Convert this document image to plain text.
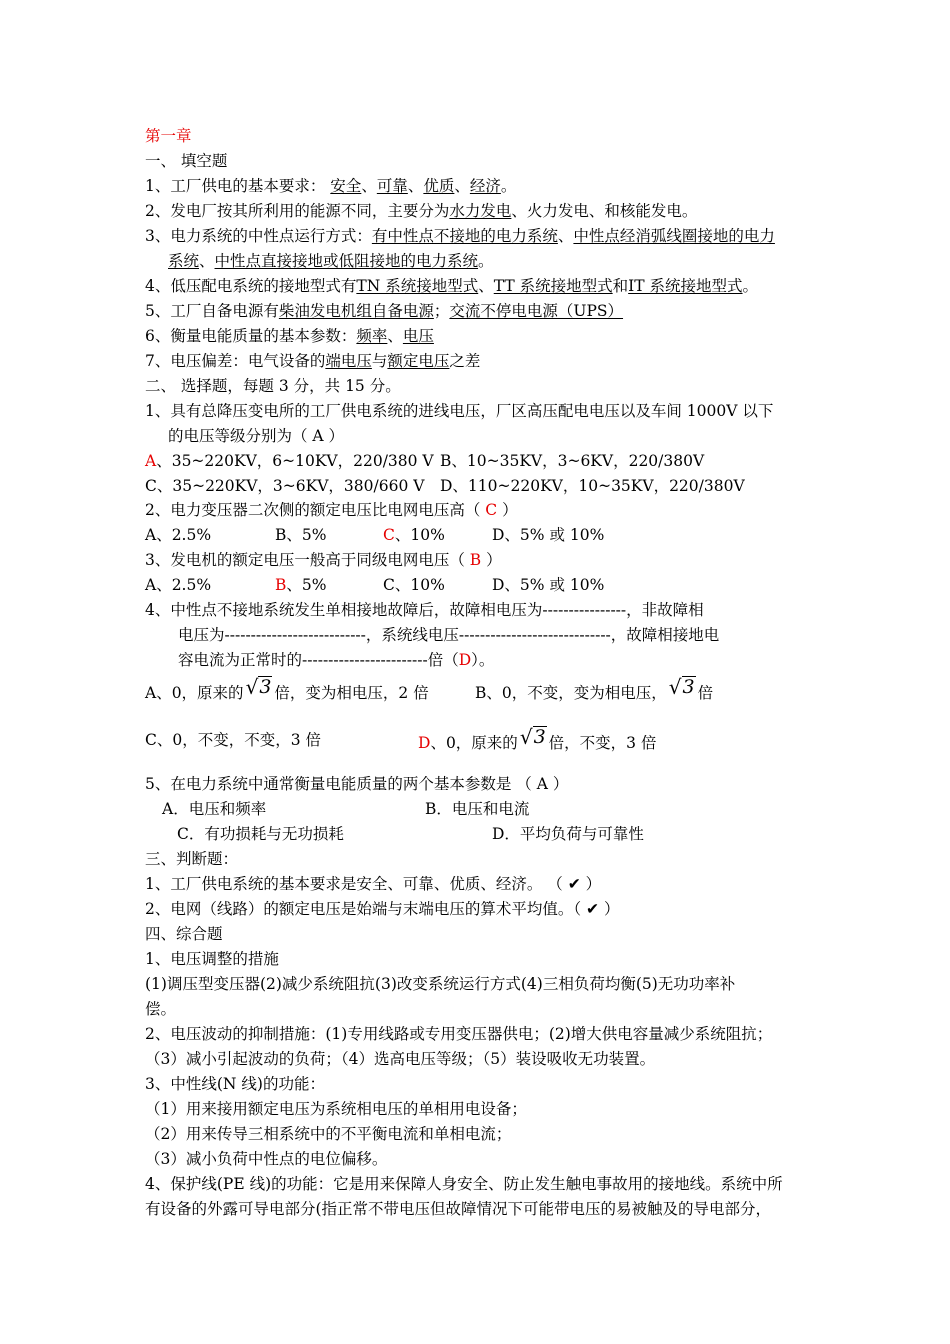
第一章
一、 填空题
1、工厂供电的基本要求： 安全、可靠、优质、经济。
2、发电厂按其所利用的能源不同，主要分为水力发电、火力发电、和核能发电。
3、电力系统的中性点运行方式：有中性点不接地的电力系统、中性点经消弧线圈接地的电力
系统、中性点直接接地或低阻接地的电力系统。
4、低压配电系统的接地型式有TN 系统接地型式、TT 系统接地型式和IT 系统接地型式。
5、工厂自备电源有柴油发电机组自备电源；交流不停电电源（UPS）
6、衡量电能质量的基本参数：频率、电压
7、电压偏差：电气设备的端电压与额定电压之差
二、 选择题，每题 3 分，共 15 分。
1、具有总降压变电所的工厂供电系统的进线电压，厂区高压配电电压以及车间 1000V 以下
的电压等级分别为（ A ）
A、35~220KV，6~10KV，220/380 V B、10~35KV，3~6KV，220/380V
C、35~220KV，3~6KV，380/660 V D、110~220KV，10~35KV，220/380V
2、电力变压器二次侧的额定电压比电网电压高（ C ）
A、2.5%	B、5%	C、10%	D、5% 或 10%
3、发电机的额定电压一般高于同级电网电压（ B ）
A、2.5%	B、5%	C、10%	D、5% 或 10%
4、中性点不接地系统发生单相接地故障后，故障相电压为----------------，非故障相
电压为---------------------------，系统线电压-----------------------------，故障相接地电
容电流为正常时的------------------------倍（D）。
A、0，原来的 √ 3 倍，变为相电压，2 倍	B、0，不变，变为相电压， √ 3 倍
C、0，不变，不变，3 倍	D、0，原来的 √ 3 倍，不变，3 倍
5、在电力系统中通常衡量电能质量的两个基本参数是 （ A ）
A．电压和频率	B．电压和电流
C．有功损耗与无功损耗	D．平均负荷与可靠性
三、判断题：
1、工厂供电系统的基本要求是安全、可靠、优质、经济。 （ ✔ ）
2、电网（线路）的额定电压是始端与末端电压的算术平均值。（ ✔ ）
四、综合题
1、电压调整的措施
(1)调压型变压器(2)减少系统阻抗(3)改变系统运行方式(4)三相负荷均衡(5)无功功率补
偿。
2、电压波动的抑制措施：(1)专用线路或专用变压器供电；(2)增大供电容量减少系统阻抗；
（3）减小引起波动的负荷；（4）选高电压等级；（5）装设吸收无功装置。
3、中性线(N 线)的功能：
（1）用来接用额定电压为系统相电压的单相用电设备；
（2）用来传导三相系统中的不平衡电流和单相电流；
（3）减小负荷中性点的电位偏移。
4、保护线(PE 线)的功能：它是用来保障人身安全、防止发生触电事故用的接地线。系统中所
有设备的外露可导电部分(指正常不带电压但故障情况下可能带电压的易被触及的导电部分，
